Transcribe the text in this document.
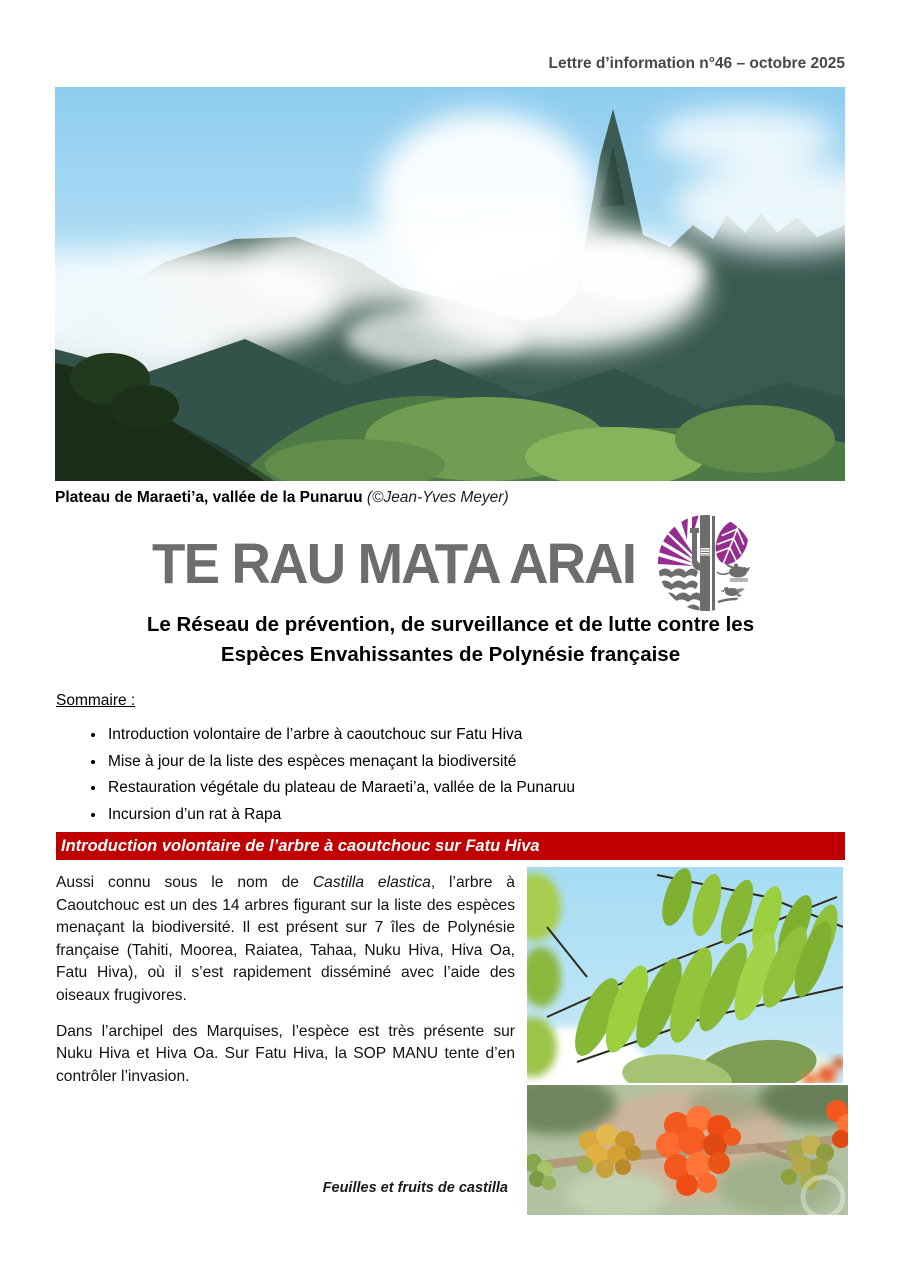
Lettre d’information n°46 – octobre 2025
Plateau de Maraeti’a, vallée de la Punaruu (©Jean-Yves Meyer)
TE RAU MATA ARAI
Le Réseau de prévention, de surveillance et de lutte contre les
Espèces Envahissantes de Polynésie française
Sommaire :
• Introduction volontaire de l’arbre à caoutchouc sur Fatu Hiva
• Mise à jour de la liste des espèces menaçant la biodiversité
• Restauration végétale du plateau de Maraeti’a, vallée de la Punaruu
• Incursion d’un rat à Rapa
Introduction volontaire de l’arbre à caoutchouc sur Fatu Hiva

Aussi connu sous le nom de Castilla elastica, l’arbre à Caoutchouc est un des 14 arbres figurant sur la liste des espèces menaçant la biodiversité. Il est présent sur 7 îles de Polynésie française (Tahiti, Moorea, Raiatea, Tahaa, Nuku Hiva, Hiva Oa, Fatu Hiva), où il s’est rapidement disséminé avec l’aide des oiseaux frugivores.

Dans l’archipel des Marquises, l’espèce est très présente sur Nuku Hiva et Hiva Oa. Sur Fatu Hiva, la SOP MANU tente d’en contrôler l’invasion.

Feuilles et fruits de castilla
